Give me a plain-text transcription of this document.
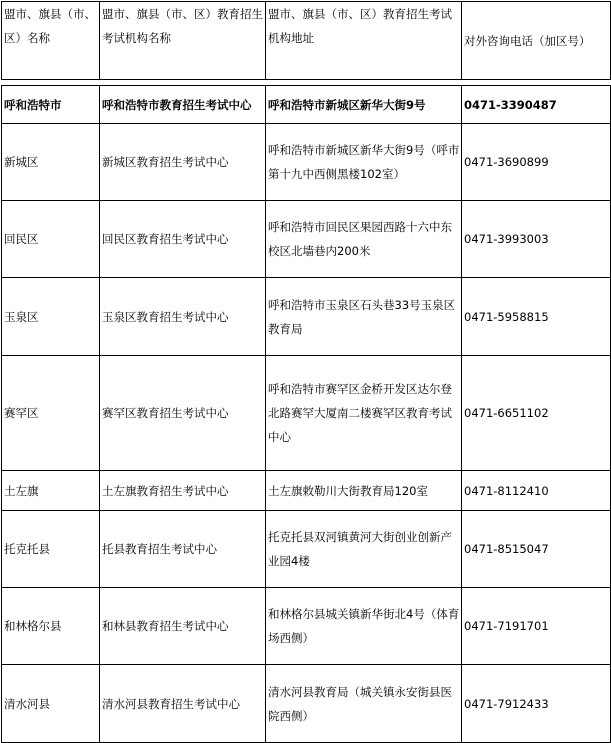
盟市、旗县（市、区）名称	盟市、旗县（市、区）教育招生考试机构名称	盟市、旗县（市、区）教育招生考试机构地址	对外咨询电话（加区号）

呼和浩特市	呼和浩特市教育招生考试中心	呼和浩特市新城区新华大街9号	0471-3390487
新城区	新城区教育招生考试中心	呼和浩特市新城区新华大街9号（呼市第十九中西侧黑楼102室）	0471-3690899
回民区	回民区教育招生考试中心	呼和浩特市回民区果园西路十六中东校区北墙巷内200米	0471-3993003
玉泉区	玉泉区教育招生考试中心	呼和浩特市玉泉区石头巷33号玉泉区教育局	0471-5958815
赛罕区	赛罕区教育招生考试中心	呼和浩特市赛罕区金桥开发区达尔登北路赛罕大厦南二楼赛罕区教育考试中心	0471-6651102
土左旗	土左旗教育招生考试中心	土左旗敕勒川大街教育局120室	0471-8112410
托克托县	托县教育招生考试中心	托克托县双河镇黄河大街创业创新产业园4楼	0471-8515047
和林格尔县	和林县教育招生考试中心	和林格尔县城关镇新华街北4号（体育场西侧）	0471-7191701
清水河县	清水河县教育招生考试中心	清水河县教育局（城关镇永安街县医院西侧）	0471-7912433
